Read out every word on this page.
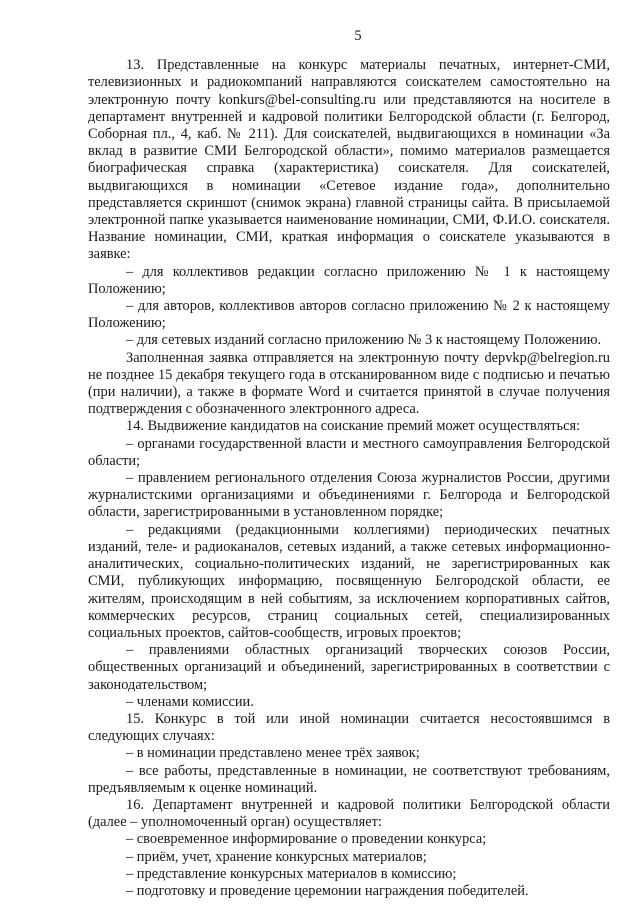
5

13. Представленные на конкурс материалы печатных, интернет-СМИ, телевизионных и радиокомпаний направляются соискателем самостоятельно на электронную почту konkurs@bel-consulting.ru или представляются на носителе в департамент внутренней и кадровой политики Белгородской области (г. Белгород, Соборная пл., 4, каб. № 211). Для соискателей, выдвигающихся в номинации «За вклад в развитие СМИ Белгородской области», помимо материалов размещается биографическая справка (характеристика) соискателя. Для соискателей, выдвигающихся в номинации «Сетевое издание года», дополнительно представляется скриншот (снимок экрана) главной страницы сайта. В присылаемой электронной папке указывается наименование номинации, СМИ, Ф.И.О. соискателя. Название номинации, СМИ, краткая информация о соискателе указываются в заявке:

– для коллективов редакции согласно приложению № 1 к настоящему Положению;

– для авторов, коллективов авторов согласно приложению № 2 к настоящему Положению;

– для сетевых изданий согласно приложению № 3 к настоящему Положению.

Заполненная заявка отправляется на электронную почту depvkp@belregion.ru не позднее 15 декабря текущего года в отсканированном виде с подписью и печатью (при наличии), а также в формате Word и считается принятой в случае получения подтверждения с обозначенного электронного адреса.

14. Выдвижение кандидатов на соискание премий может осуществляться:

– органами государственной власти и местного самоуправления Белгородской области;

– правлением регионального отделения Союза журналистов России, другими журналистскими организациями и объединениями г. Белгорода и Белгородской области, зарегистрированными в установленном порядке;

– редакциями (редакционными коллегиями) периодических печатных изданий, теле- и радиоканалов, сетевых изданий, а также сетевых информационно-аналитических, социально-политических изданий, не зарегистрированных как СМИ, публикующих информацию, посвященную Белгородской области, ее жителям, происходящим в ней событиям, за исключением корпоративных сайтов, коммерческих ресурсов, страниц социальных сетей, специализированных социальных проектов, сайтов-сообществ, игровых проектов;

– правлениями областных организаций творческих союзов России, общественных организаций и объединений, зарегистрированных в соответствии с законодательством;

– членами комиссии.

15. Конкурс в той или иной номинации считается несостоявшимся в следующих случаях:

– в номинации представлено менее трёх заявок;

– все работы, представленные в номинации, не соответствуют требованиям, предъявляемым к оценке номинаций.

16. Департамент внутренней и кадровой политики Белгородской области (далее – уполномоченный орган) осуществляет:

– своевременное информирование о проведении конкурса;

– приём, учет, хранение конкурсных материалов;

– представление конкурсных материалов в комиссию;

– подготовку и проведение церемонии награждения победителей.
